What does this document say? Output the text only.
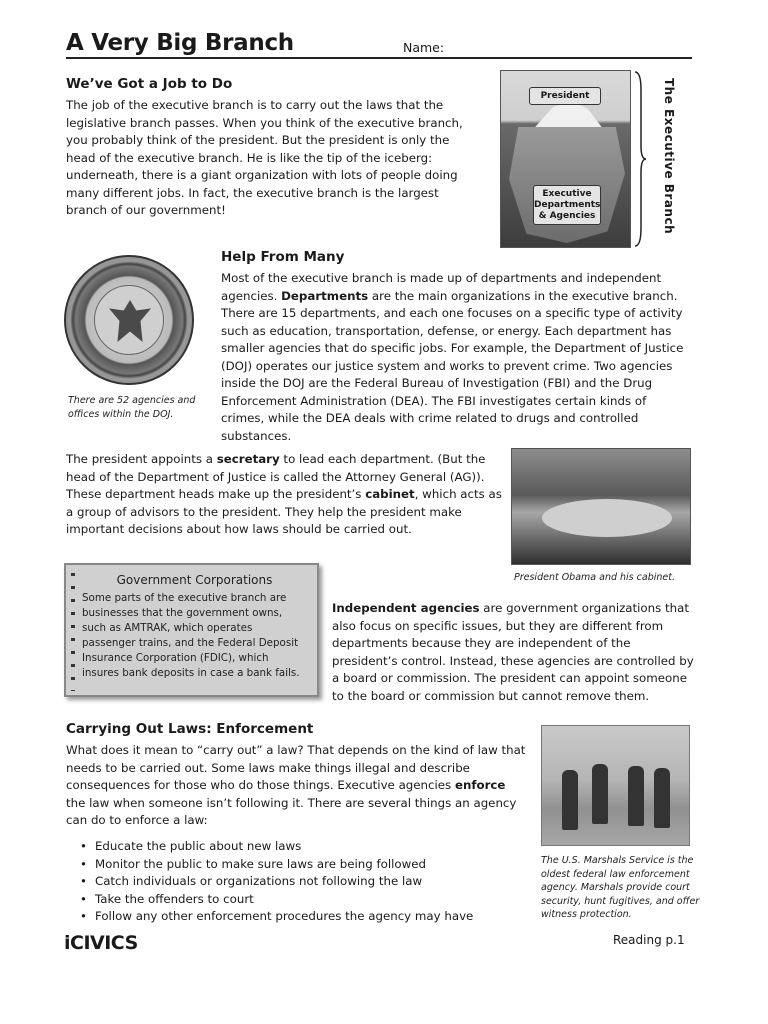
A Very Big Branch	Name:
We’ve Got a Job to Do

The job of the executive branch is to carry out the laws that the legislative branch passes. When you think of the executive branch, you probably think of the president. But the president is only the head of the executive branch. He is like the tip of the iceberg: underneath, there is a giant organization with lots of people doing many different jobs. In fact, the executive branch is the largest branch of our government!

President
Executive Departments & Agencies	The Executive Branch
Help From Many

Most of the executive branch is made up of departments and independent agencies. Departments are the main organizations in the executive branch. There are 15 departments, and each one focuses on a specific type of activity such as education, transportation, defense, or energy. Each department has smaller agencies that do specific jobs. For example, the Department of Justice (DOJ) operates our justice system and works to prevent crime. Two agencies inside the DOJ are the Federal Bureau of Investigation (FBI) and the Drug Enforcement Administration (DEA). The FBI investigates certain kinds of crimes, while the DEA deals with crime related to drugs and controlled substances.

There are 52 agencies and offices within the DOJ.

The president appoints a secretary to lead each department. (But the head of the Department of Justice is called the Attorney General (AG)). These department heads make up the president’s cabinet, which acts as a group of advisors to the president. They help the president make important decisions about how laws should be carried out.

President Obama and his cabinet.
Government Corporations

Some parts of the executive branch are businesses that the government owns, such as AMTRAK, which operates passenger trains, and the Federal Deposit Insurance Corporation (FDIC), which insures bank deposits in case a bank fails.

Independent agencies are government organizations that also focus on specific issues, but they are different from departments because they are independent of the president’s control. Instead, these agencies are controlled by a board or commission. The president can appoint someone to the board or commission but cannot remove them.

Carrying Out Laws: Enforcement

What does it mean to “carry out” a law? That depends on the kind of law that needs to be carried out. Some laws make things illegal and describe consequences for those who do those things. Executive agencies enforce the law when someone isn’t following it. There are several things an agency can do to enforce a law:

• Educate the public about new laws
• Monitor the public to make sure laws are being followed
• Catch individuals or organizations not following the law
• Take the offenders to court
• Follow any other enforcement procedures the agency may have
The U.S. Marshals Service is the oldest federal law enforcement agency. Marshals provide court security, hunt fugitives, and offer witness protection.
iCIVICS	Reading p.1
